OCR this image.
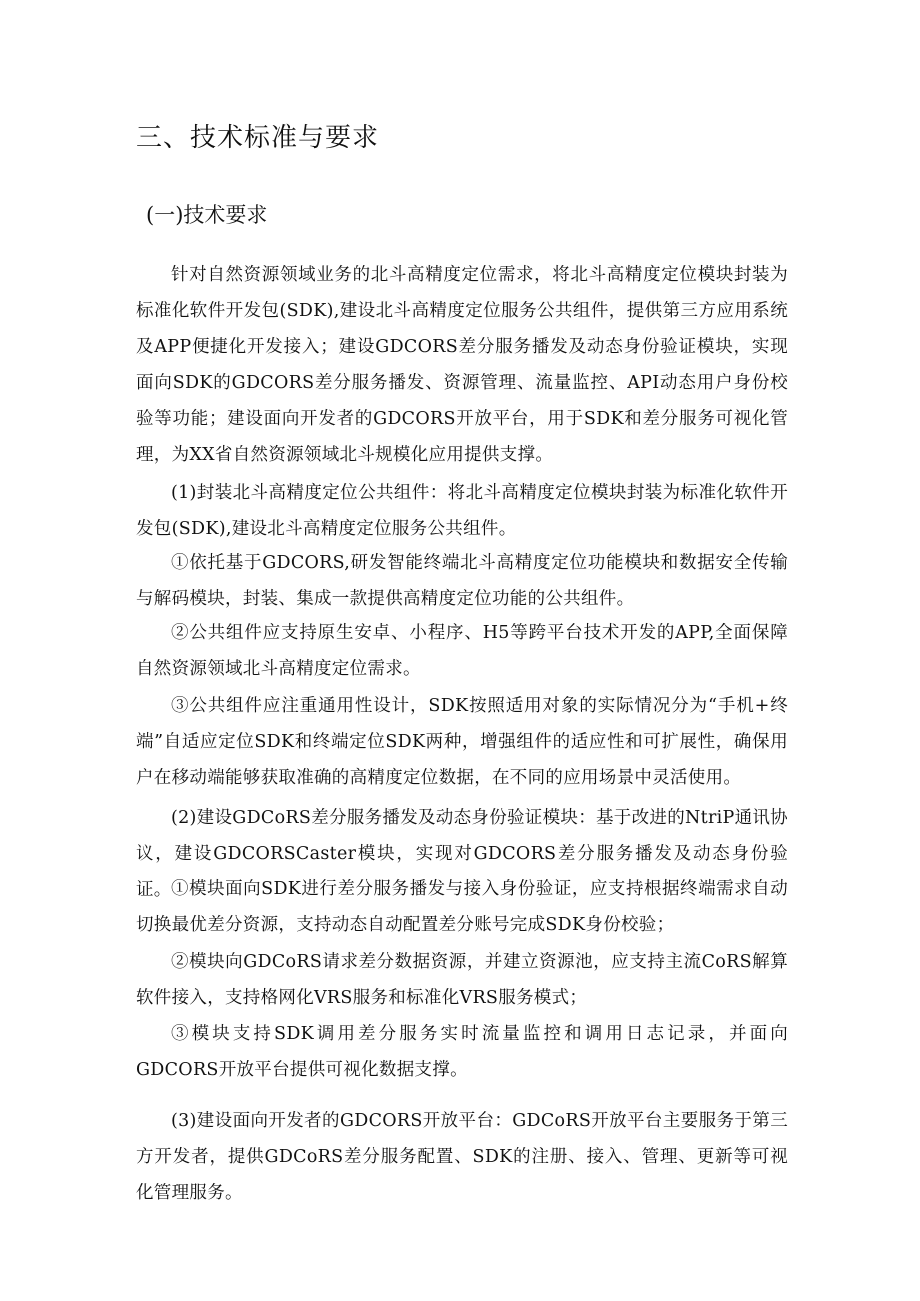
三、技术标准与要求
(一)技术要求

针对自然资源领域业务的北斗高精度定位需求，将北斗高精度定位模块封装为标准化软件开发包(SDK),建设北斗高精度定位服务公共组件，提供第三方应用系统及APP便捷化开发接入；建设GDCORS差分服务播发及动态身份验证模块，实现面向SDK的GDCORS差分服务播发、资源管理、流量监控、API动态用户身份校验等功能；建设面向开发者的GDCORS开放平台，用于SDK和差分服务可视化管理，为XX省自然资源领域北斗规模化应用提供支撑。

(1)封装北斗高精度定位公共组件：将北斗高精度定位模块封装为标准化软件开发包(SDK),建设北斗高精度定位服务公共组件。

①依托基于GDCORS,研发智能终端北斗高精度定位功能模块和数据安全传输与解码模块，封装、集成一款提供高精度定位功能的公共组件。

②公共组件应支持原生安卓、小程序、H5等跨平台技术开发的APP,全面保障自然资源领域北斗高精度定位需求。

③公共组件应注重通用性设计，SDK按照适用对象的实际情况分为“手机+终端”自适应定位SDK和终端定位SDK两种，增强组件的适应性和可扩展性，确保用户在移动端能够获取准确的高精度定位数据，在不同的应用场景中灵活使用。

(2)建设GDCoRS差分服务播发及动态身份验证模块：基于改进的NtriP通讯协议，建设GDCORSCaster模块，实现对GDCORS差分服务播发及动态身份验证。 ①模块面向SDK进行差分服务播发与接入身份验证，应支持根据终端需求自动切换最优差分资源，支持动态自动配置差分账号完成SDK身份校验；

②模块向GDCoRS请求差分数据资源，并建立资源池，应支持主流CoRS解算软件接入，支持格网化VRS服务和标准化VRS服务模式；

③模块支持SDK调用差分服务实时流量监控和调用日志记录，并面向GDCORS开放平台提供可视化数据支撑。

(3)建设面向开发者的GDCORS开放平台：GDCoRS开放平台主要服务于第三方开发者，提供GDCoRS差分服务配置、SDK的注册、接入、管理、更新等可视化管理服务。
